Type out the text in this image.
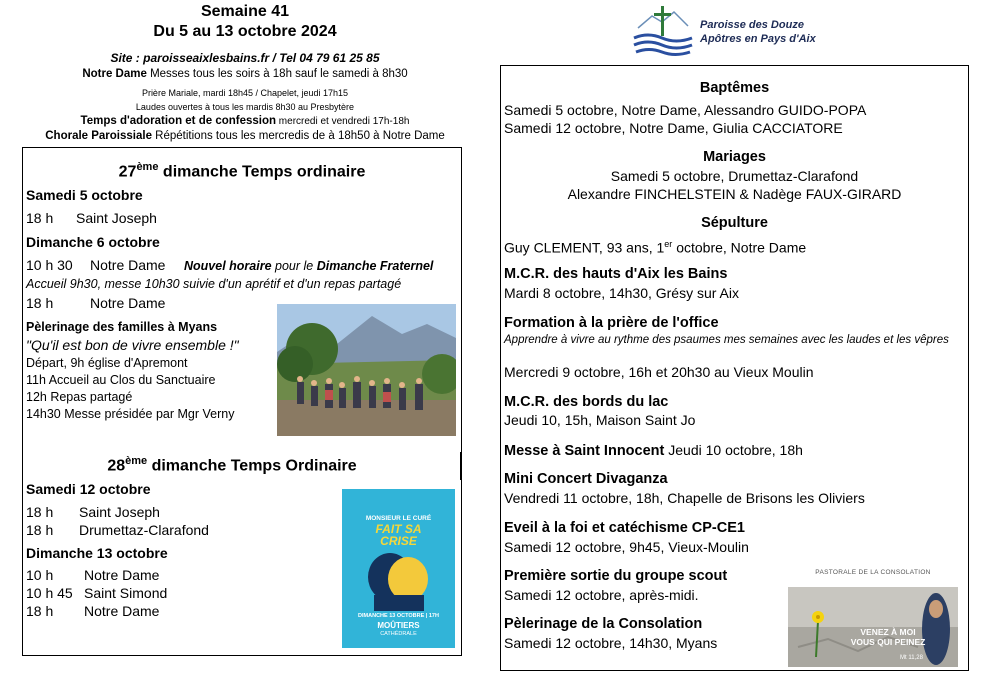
Semaine 41
Du 5 au 13 octobre 2024
Site : paroisseaixlesbains.fr / Tel 04 79 61 25 85
Notre Dame Messes tous les soirs à 18h sauf le samedi à 8h30
Prière Mariale, mardi 18h45 / Chapelet, jeudi 17h15
Laudes ouvertes à tous les mardis 8h30 au Presbytère
Temps d'adoration et de confession mercredi et vendredi 17h-18h
Chorale Paroissiale Répétitions tous les mercredis de à 18h50 à Notre Dame
Paroisse des Douze
Apôtres en Pays d'Aix
27ème dimanche Temps ordinaire
Samedi 5 octobre
18 h Saint Joseph
Dimanche 6 octobre
10 h 30 Notre Dame Nouvel horaire pour le Dimanche Fraternel
Accueil 9h30, messe 10h30 suivie d'un aprétif et d'un repas partagé
18 h	Notre Dame
Pèlerinage des familles à Myans
"Qu'il est bon de vivre ensemble !"
Départ, 9h église d'Apremont
11h Accueil au Clos du Sanctuaire
12h Repas partagé
14h30 Messe présidée par Mgr Verny
28ème dimanche Temps Ordinaire
Samedi 12 octobre
18 h Saint Joseph
18 h Drumettaz-Clarafond
Dimanche 13 octobre
10 h Notre Dame
10 h 45 Saint Simond
18 h Notre Dame
MONSIEUR LE CURÉ
FAIT SA
CRISE
DIMANCHE 13 OCTOBRE | 17H
MOÛTIERS
CATHÉDRALE
Baptêmes
Samedi 5 octobre, Notre Dame, Alessandro GUIDO-POPA
Samedi 12 octobre, Notre Dame, Giulia CACCIATORE
Mariages
Samedi 5 octobre, Drumettaz-Clarafond
Alexandre FINCHELSTEIN & Nadège FAUX-GIRARD
Sépulture
Guy CLEMENT, 93 ans, 1er octobre, Notre Dame
M.C.R. des hauts d'Aix les Bains
Mardi 8 octobre, 14h30, Grésy sur Aix
Formation à la prière de l'office
Apprendre à vivre au rythme des psaumes mes semaines avec les laudes et les vêpres
Mercredi 9 octobre, 16h et 20h30 au Vieux Moulin
M.C.R. des bords du lac
Jeudi 10, 15h, Maison Saint Jo
Messe à Saint Innocent Jeudi 10 octobre, 18h
Mini Concert Divaganza
Vendredi 11 octobre, 18h, Chapelle de Brisons les Oliviers
Eveil à la foi et catéchisme CP-CE1
Samedi 12 octobre, 9h45, Vieux-Moulin
Première sortie du groupe scout
Samedi 12 octobre, après-midi.
Pèlerinage de la Consolation
Samedi 12 octobre, 14h30, Myans
PASTORALE DE LA CONSOLATION
VENEZ À MOI
VOUS QUI PEINEZ
Mt 11,28
